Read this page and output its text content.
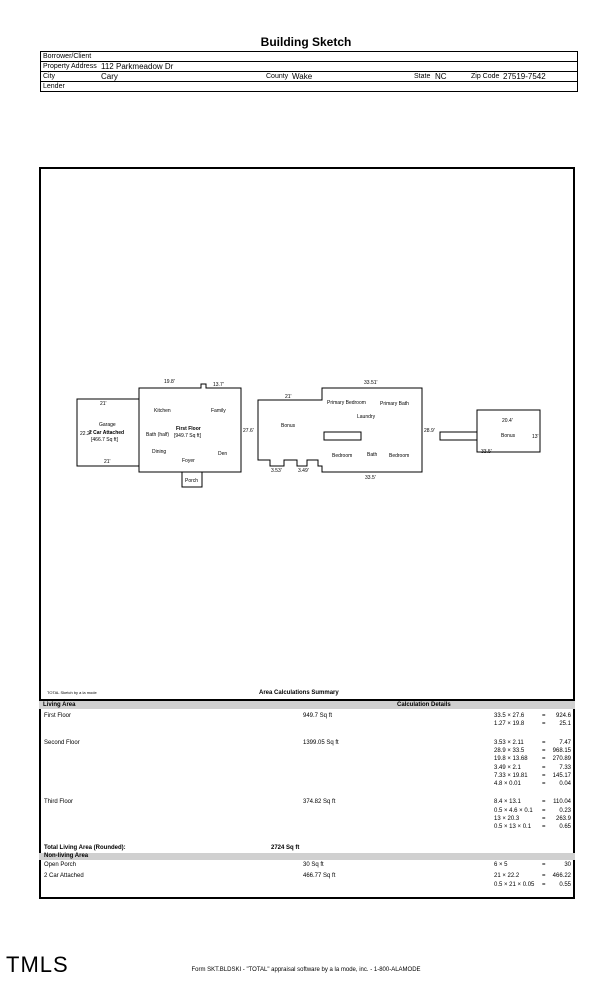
Building Sketch
Borrower/Client
Property Address 112 Parkmeadow Dr
City	Cary	County Wake	State NC	Zip Code 27519-7542
Lender
21'
21'
22.2'
Garage
2 Car Attached
[466.7 Sq ft]
19.8'	13.7'
Kitchen	Family
Bath (half)
First Floor
[949.7 Sq ft]
Dining
Foyer
Den
Porch
27.6'
21'
Bonus
33.51'
Primary Bedroom	Primary Bath
Laundry
Bedroom	Bath Bedroom
33.5'
28.9'
3.53'	3.49'
20.4'
Bonus	13'
33.5'
TOTAL Sketch by a la mode	Area Calculations Summary
Living Area	Calculation Details
First Floor	949.7 Sq ft	33.5 × 27.6	= 924.6
1.27 × 19.8	= 25.1
Second Floor	1399.05 Sq ft	3.53 × 2.11	= 7.47
28.9 × 33.5	= 968.15
19.8 × 13.68 = 270.89
3.49 × 2.1	= 7.33
7.33 × 19.81 = 145.17
4.8 × 0.01	= 0.04
Third Floor	374.82 Sq ft	8.4 × 13.1	= 110.04
0.5 × 4.6 × 0.1 = 0.23
13 × 20.3	= 263.9
0.5 × 13 × 0.1 = 0.65
Total Living Area (Rounded):	2724 Sq ft
Non-living Area
Open Porch	30 Sq ft	6 × 5	=	30
2 Car Attached	466.77 Sq ft	21 × 22.2	= 466.22
0.5 × 21 × 0.05 = 0.55
TMLS	Form SKT.BLDSKI - "TOTAL" appraisal software by a la mode, inc. - 1-800-ALAMODE
